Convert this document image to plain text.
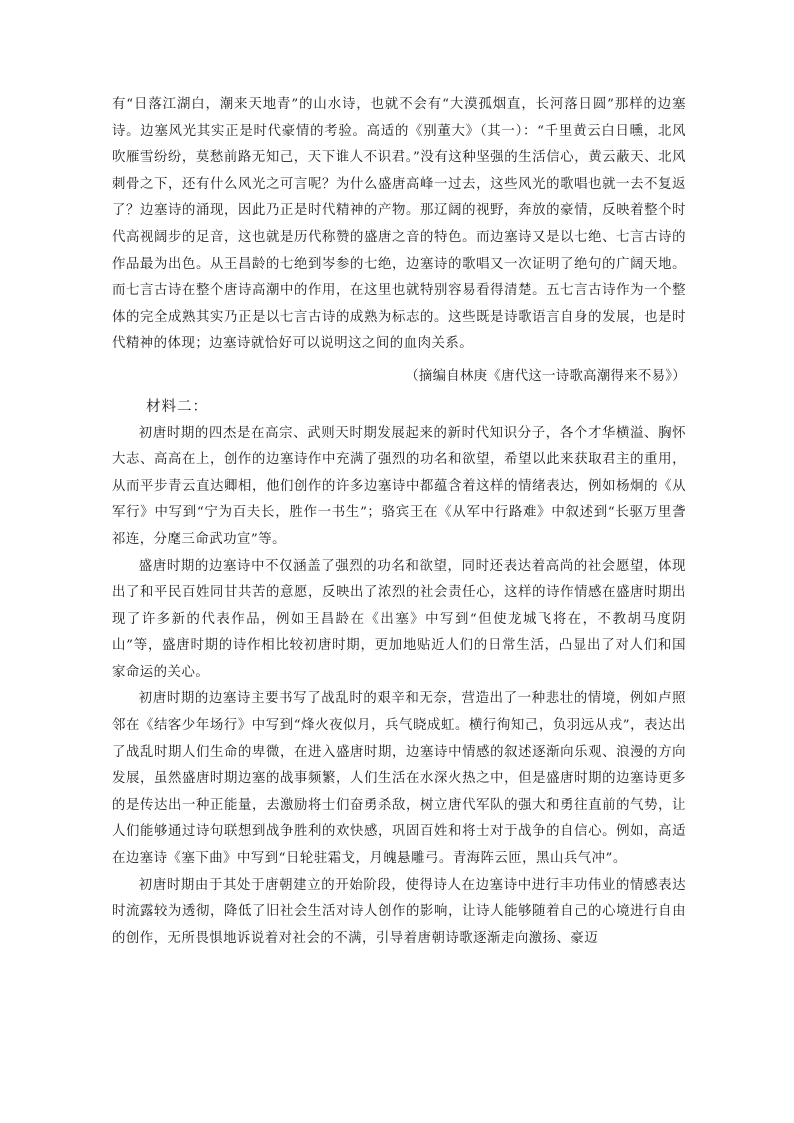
有“日落江湖白，潮来天地青”的山水诗，也就不会有“大漠孤烟直，长河落日圆”那样的边塞诗。边塞风光其实正是时代豪情的考验。高适的《别董大》（其一）：“千里黄云白日曛，北风吹雁雪纷纷，莫愁前路无知己，天下谁人不识君。”没有这种坚强的生活信心，黄云蔽天、北风刺骨之下，还有什么风光之可言呢？为什么盛唐高峰一过去，这些风光的歌唱也就一去不复返了？边塞诗的涌现，因此乃正是时代精神的产物。那辽阔的视野，奔放的豪情，反映着整个时代高视阔步的足音，这也就是历代称赞的盛唐之音的特色。而边塞诗又是以七绝、七言古诗的作品最为出色。从王昌龄的七绝到岑参的七绝，边塞诗的歌唱又一次证明了绝句的广阔天地。而七言古诗在整个唐诗高潮中的作用，在这里也就特别容易看得清楚。五七言古诗作为一个整体的完全成熟其实乃正是以七言古诗的成熟为标志的。这些既是诗歌语言自身的发展，也是时代精神的体现；边塞诗就恰好可以说明这之间的血肉关系。

（摘编自林庚《唐代这一诗歌高潮得来不易》）

材料二：

初唐时期的四杰是在高宗、武则天时期发展起来的新时代知识分子，各个才华横溢、胸怀大志、高高在上，创作的边塞诗作中充满了强烈的功名和欲望，希望以此来获取君主的重用，从而平步青云直达卿相，他们创作的许多边塞诗中都蕴含着这样的情绪表达，例如杨炯的《从军行》中写到“宁为百夫长，胜作一书生”；骆宾王在《从军中行路难》中叙述到“长驱万里詟祁连，分麾三命武功宣”等。

盛唐时期的边塞诗中不仅涵盖了强烈的功名和欲望，同时还表达着高尚的社会愿望，体现出了和平民百姓同甘共苦的意愿，反映出了浓烈的社会责任心，这样的诗作情感在盛唐时期出现了许多新的代表作品，例如王昌龄在《出塞》中写到“但使龙城飞将在，不教胡马度阴山”等，盛唐时期的诗作相比较初唐时期，更加地贴近人们的日常生活，凸显出了对人们和国家命运的关心。

初唐时期的边塞诗主要书写了战乱时的艰辛和无奈，营造出了一种悲壮的情境，例如卢照邻在《结客少年场行》中写到“烽火夜似月，兵气晓成虹。横行徇知己，负羽远从戎”，表达出了战乱时期人们生命的卑微，在进入盛唐时期，边塞诗中情感的叙述逐渐向乐观、浪漫的方向发展，虽然盛唐时期边塞的战事频繁，人们生活在水深火热之中，但是盛唐时期的边塞诗更多的是传达出一种正能量，去激励将士们奋勇杀敌，树立唐代军队的强大和勇往直前的气势，让人们能够通过诗句联想到战争胜利的欢快感，巩固百姓和将士对于战争的自信心。例如，高适在边塞诗《塞下曲》中写到“日轮驻霜戈，月魄悬雕弓。青海阵云匝，黑山兵气冲”。

初唐时期由于其处于唐朝建立的开始阶段，使得诗人在边塞诗中进行丰功伟业的情感表达时流露较为透彻，降低了旧社会生活对诗人创作的影响，让诗人能够随着自己的心境进行自由的创作，无所畏惧地诉说着对社会的不满，引导着唐朝诗歌逐渐走向激扬、豪迈
